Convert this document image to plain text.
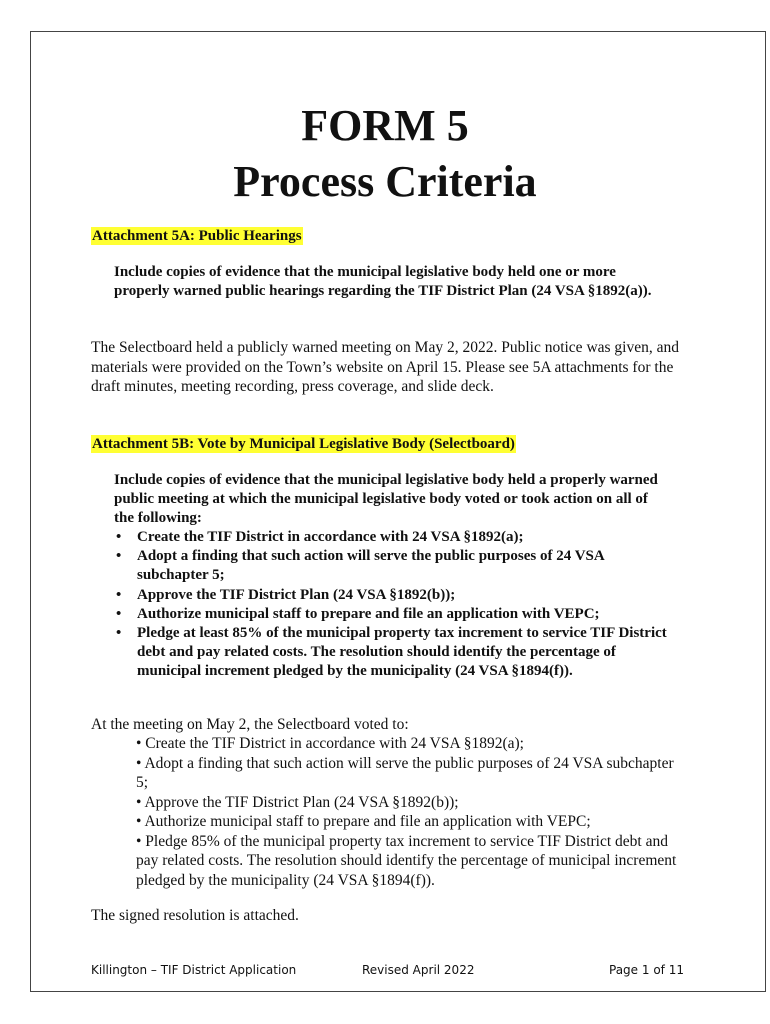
FORM 5
Process Criteria
Attachment 5A: Public Hearings

Include copies of evidence that the municipal legislative body held one or more properly warned public hearings regarding the TIF District Plan (24 VSA §1892(a)).

The Selectboard held a publicly warned meeting on May 2, 2022. Public notice was given, and materials were provided on the Town’s website on April 15. Please see 5A attachments for the draft minutes, meeting recording, press coverage, and slide deck.

Attachment 5B: Vote by Municipal Legislative Body (Selectboard)

Include copies of evidence that the municipal legislative body held a properly warned public meeting at which the municipal legislative body voted or took action on all of the following:

• Create the TIF District in accordance with 24 VSA §1892(a);
• Adopt a finding that such action will serve the public purposes of 24 VSA subchapter 5;
• Approve the TIF District Plan (24 VSA §1892(b));
• Authorize municipal staff to prepare and file an application with VEPC;
• Pledge at least 85% of the municipal property tax increment to service TIF District debt and pay related costs. The resolution should identify the percentage of municipal increment pledged by the municipality (24 VSA §1894(f)).

At the meeting on May 2, the Selectboard voted to:

• Create the TIF District in accordance with 24 VSA §1892(a);
• Adopt a finding that such action will serve the public purposes of 24 VSA subchapter 5;
• Approve the TIF District Plan (24 VSA §1892(b));
• Authorize municipal staff to prepare and file an application with VEPC;
• Pledge 85% of the municipal property tax increment to service TIF District debt and pay related costs. The resolution should identify the percentage of municipal increment pledged by the municipality (24 VSA §1894(f)).

The signed resolution is attached.

Killington – TIF District Application	Revised April 2022	Page 1 of 11
